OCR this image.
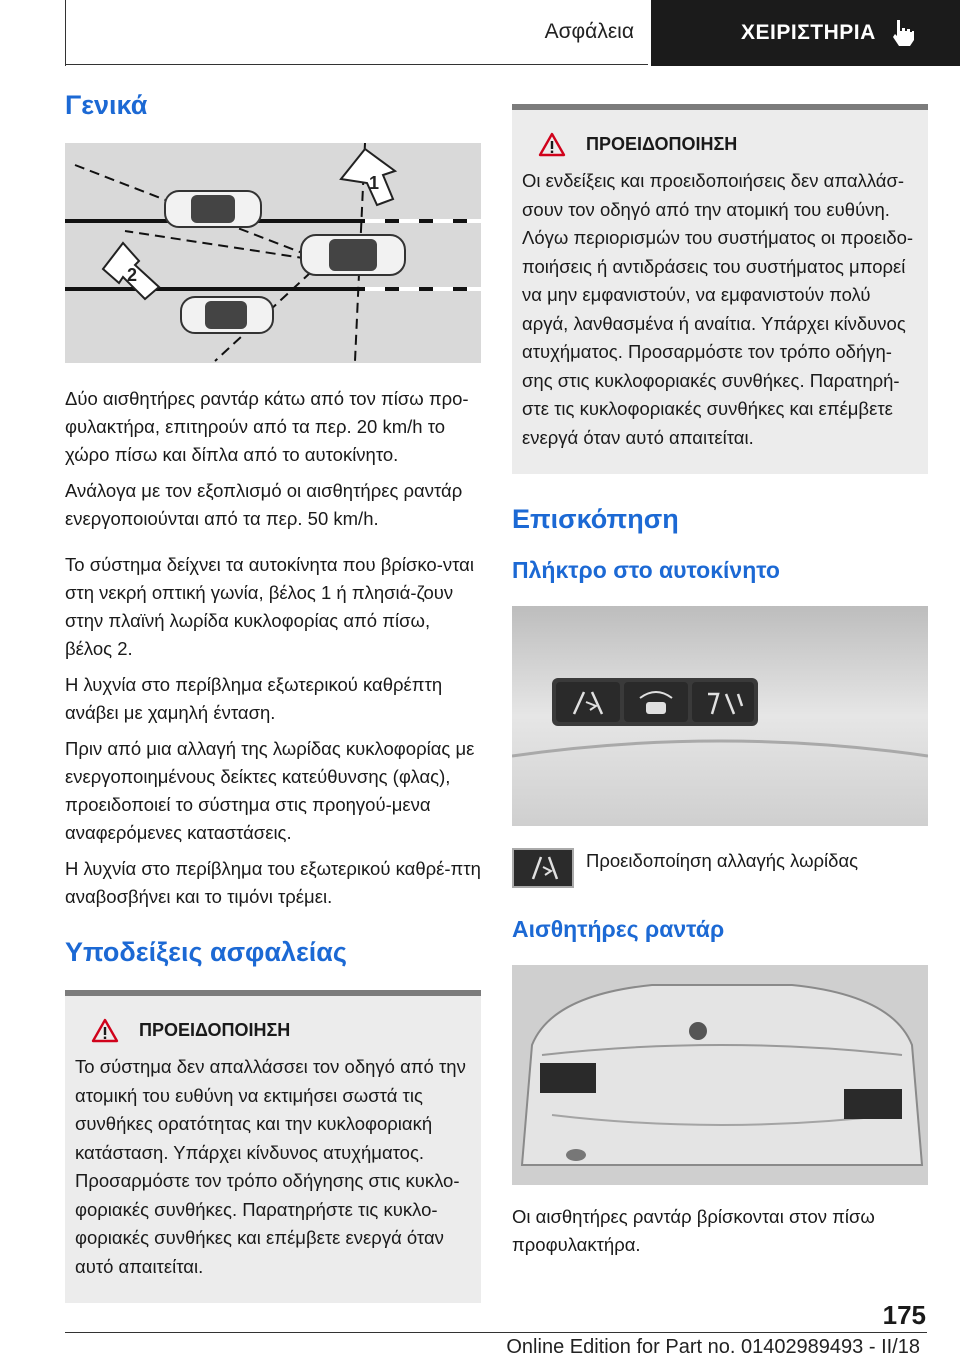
Ασφάλεια	ΧΕΙΡΙΣΤΗΡΙΑ
Γενικά
1
2

Δύο αισθητήρες ραντάρ κάτω από τον πίσω προ-φυλακτήρα, επιτηρούν από τα περ. 20 km/h το χώρο πίσω και δίπλα από το αυτοκίνητο.

Ανάλογα με τον εξοπλισμό οι αισθητήρες ραντάρ ενεργοποιούνται από τα περ. 50 km/h.

Το σύστημα δείχνει τα αυτοκίνητα που βρίσκο-νται στη νεκρή οπτική γωνία, βέλος 1 ή πλησιά-ζουν στην πλαϊνή λωρίδα κυκλοφορίας από πίσω, βέλος 2.

Η λυχνία στο περίβλημα εξωτερικού καθρέπτη ανάβει με χαμηλή ένταση.

Πριν από μια αλλαγή της λωρίδας κυκλοφορίας με ενεργοποιημένους δείκτες κατεύθυνσης (φλας), προειδοποιεί το σύστημα στις προηγού-μενα αναφερόμενες καταστάσεις.

Η λυχνία στο περίβλημα του εξωτερικού καθρέ-πτη αναβοσβήνει και το τιμόνι τρέμει.

Υποδείξεις ασφαλείας
ΠΡΟΕΙΔΟΠΟΙΗΣΗ

Το σύστημα δεν απαλλάσσει τον οδηγό από την ατομική του ευθύνη να εκτιμήσει σωστά τις συνθήκες ορατότητας και την κυκλοφοριακή κατάσταση. Υπάρχει κίνδυνος ατυχήματος. Προσαρμόστε τον τρόπο οδήγησης στις κυκλο-φοριακές συνθήκες. Παρατηρήστε τις κυκλο-φοριακές συνθήκες και επέμβετε ενεργά όταν αυτό απαιτείται.

ΠΡΟΕΙΔΟΠΟΙΗΣΗ

Οι ενδείξεις και προειδοποιήσεις δεν απαλλάσ-σουν τον οδηγό από την ατομική του ευθύνη. Λόγω περιορισμών του συστήματος οι προειδο-ποιήσεις ή αντιδράσεις του συστήματος μπορεί να μην εμφανιστούν, να εμφανιστούν πολύ αργά, λανθασμένα ή αναίτια. Υπάρχει κίνδυνος ατυχήματος. Προσαρμόστε τον τρόπο οδήγη-σης στις κυκλοφοριακές συνθήκες. Παρατηρή-στε τις κυκλοφοριακές συνθήκες και επέμβετε ενεργά όταν αυτό απαιτείται.

Επισκόπηση
Πλήκτρο στο αυτοκίνητο
Προειδοποίηση αλλαγής λωρίδας
Αισθητήρες ραντάρ

Οι αισθητήρες ραντάρ βρίσκονται στον πίσω προφυλακτήρα.

175
Online Edition for Part no. 01402989493 - II/18
